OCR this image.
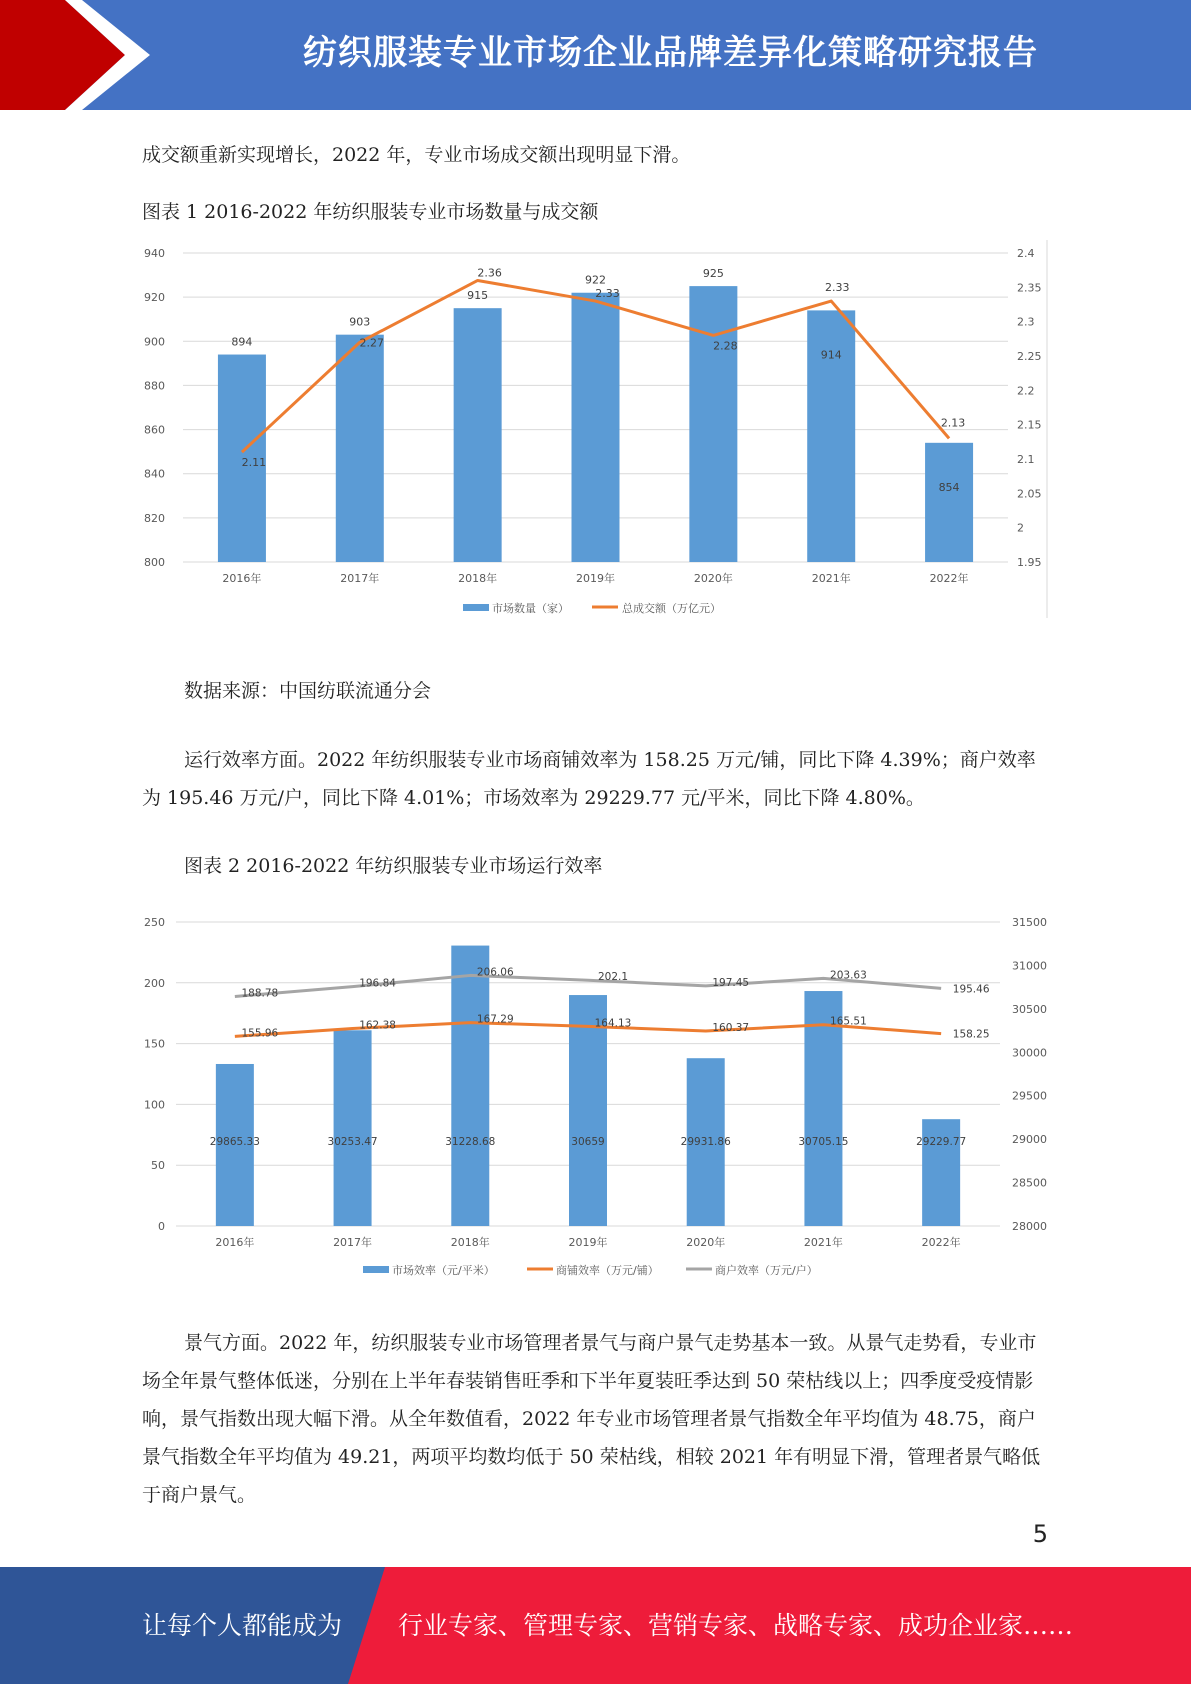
纺织服装专业市场企业品牌差异化策略研究报告

成交额重新实现增长，2022 年，专业市场成交额出现明显下滑。

图表 1 2016-2022 年纺织服装专业市场数量与成交额

800
820
840
860
880
900
920
940
1.95
2
2.05
2.1
2.15
2.2
2.25
2.3
2.35
2.4
894
903
915
922
925
914
854
2.11
2.27
2.36
2.33
2.28
2.33
2.13
2016年	2017年	2018年	2019年	2020年	2021年	2022年
市场数量（家）	总成交额（万亿元）

数据来源：中国纺联流通分会

运行效率方面。2022 年纺织服装专业市场商铺效率为 158.25 万元/铺，同比下降 4.39%；商户效率为 195.46 万元/户，同比下降 4.01%；市场效率为 29229.77 元/平米，同比下降 4.80%。

图表 2 2016-2022 年纺织服装专业市场运行效率

0
50
100
150
200
250
28000
28500
29000
29500
30000
30500
31000
31500
29865.33	30253.47	31228.68	30659	29931.86	30705.15	29229.77
155.96
162.38	167.29	164.13	160.37
165.51
158.25
188.78
196.84
206.06	202.1	197.45
203.63
195.46
2016年	2017年	2018年	2019年	2020年	2021年	2022年
市场效率（元/平米）	商铺效率（万元/铺）	商户效率（万元/户）

景气方面。2022 年，纺织服装专业市场管理者景气与商户景气走势基本一致。从景气走势看，专业市场全年景气整体低迷，分别在上半年春装销售旺季和下半年夏装旺季达到 50 荣枯线以上；四季度受疫情影响，景气指数出现大幅下滑。从全年数值看，2022 年专业市场管理者景气指数全年平均值为 48.75，商户景气指数全年平均值为 49.21，两项平均数均低于 50 荣枯线，相较 2021 年有明显下滑，管理者景气略低于商户景气。

5
让每个人都能成为 行业专家、管理专家、营销专家、战略专家、成功企业家……
